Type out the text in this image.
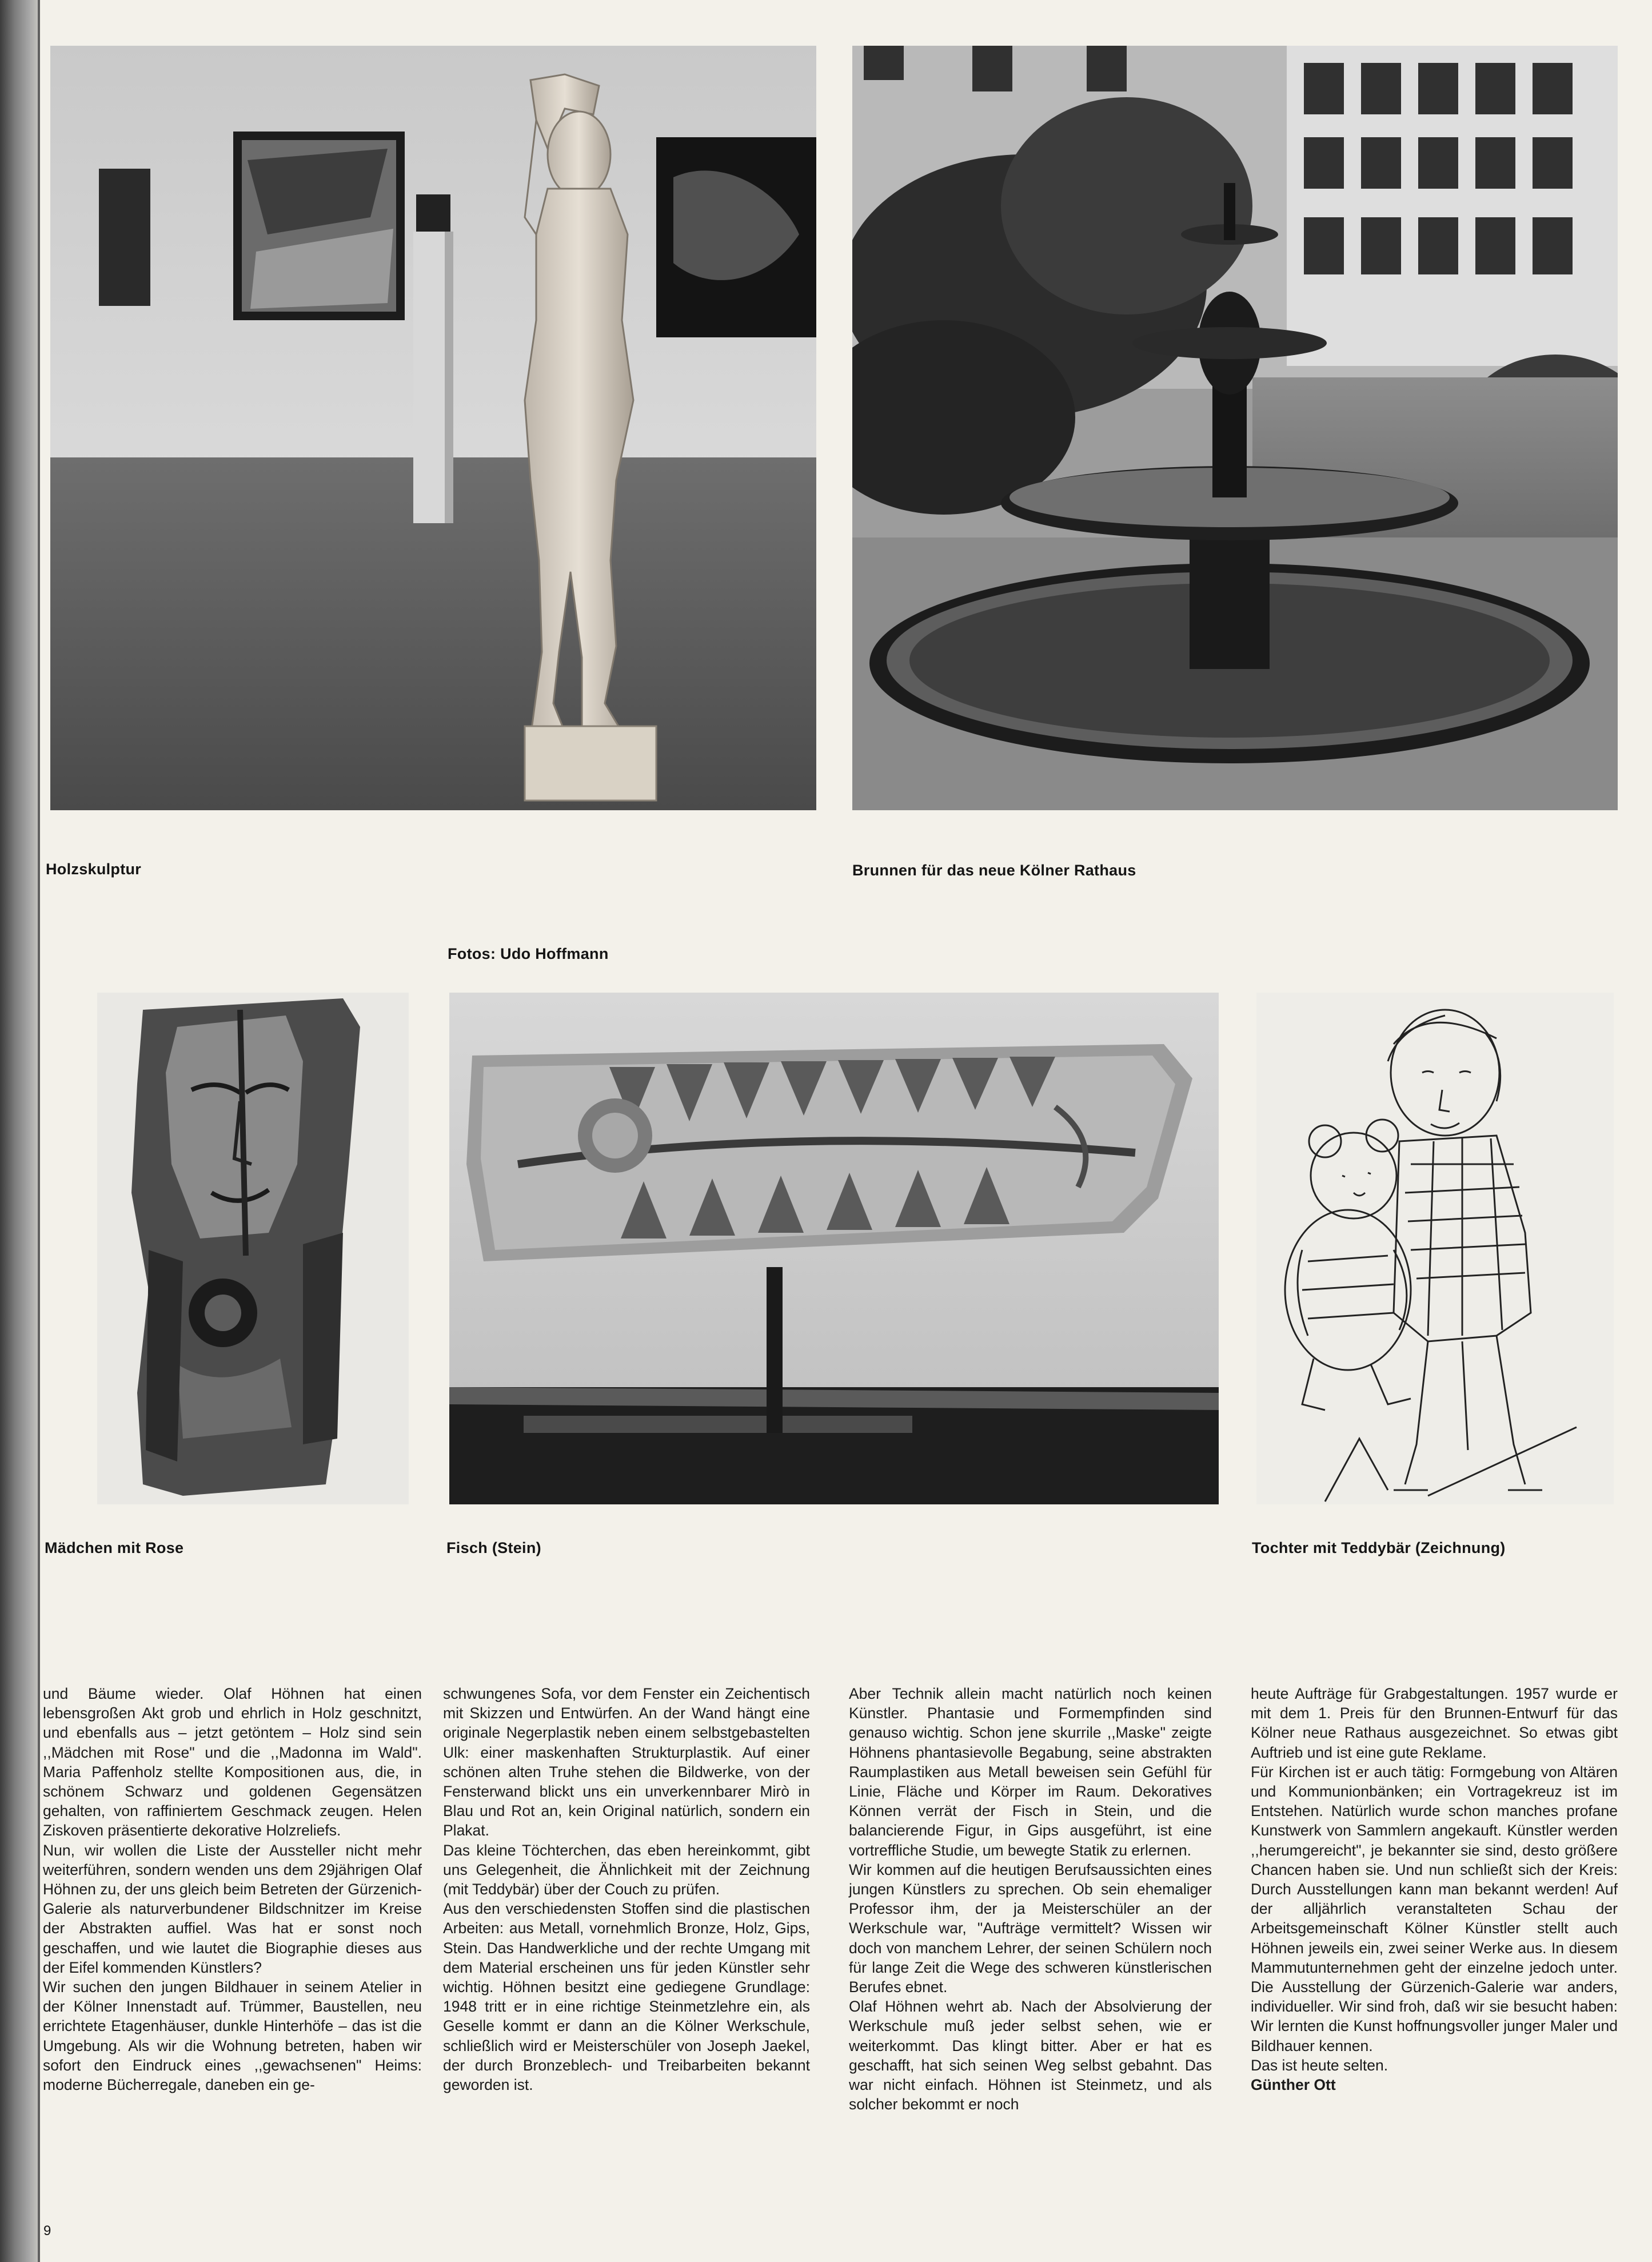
Holzskulptur	Brunnen für das neue Kölner Rathaus
Fotos: Udo Hoffmann
Mädchen mit Rose	Fisch (Stein)	Tochter mit Teddybär (Zeichnung)

und Bäume wieder. Olaf Höhnen hat einen lebensgroßen Akt grob und ehrlich in Holz geschnitzt, und ebenfalls aus – jetzt getöntem – Holz sind sein ,,Mädchen mit Rose" und die ,,Madonna im Wald". Maria Paffenholz stellte Kompositionen aus, die, in schönem Schwarz und goldenen Gegensätzen gehalten, von raffiniertem Geschmack zeugen. Helen Ziskoven präsentierte dekorative Holzreliefs.

Nun, wir wollen die Liste der Aussteller nicht mehr weiterführen, sondern wenden uns dem 29jährigen Olaf Höhnen zu, der uns gleich beim Betreten der Gürzenich-Galerie als naturverbundener Bildschnitzer im Kreise der Abstrakten auffiel. Was hat er sonst noch geschaffen, und wie lautet die Biographie dieses aus der Eifel kommenden Künstlers?

Wir suchen den jungen Bildhauer in seinem Atelier in der Kölner Innenstadt auf. Trümmer, Baustellen, neu errichtete Etagenhäuser, dunkle Hinterhöfe – das ist die Umgebung. Als wir die Wohnung betreten, haben wir sofort den Eindruck eines ,,gewachsenen" Heims: moderne Bücherregale, daneben ein ge-

schwungenes Sofa, vor dem Fenster ein Zeichentisch mit Skizzen und Entwürfen. An der Wand hängt eine originale Negerplastik neben einem selbstgebastelten Ulk: einer maskenhaften Strukturplastik. Auf einer schönen alten Truhe stehen die Bildwerke, von der Fensterwand blickt uns ein unverkennbarer Mirò in Blau und Rot an, kein Original natürlich, sondern ein Plakat.

Das kleine Töchterchen, das eben hereinkommt, gibt uns Gelegenheit, die Ähnlichkeit mit der Zeichnung (mit Teddybär) über der Couch zu prüfen.

Aus den verschiedensten Stoffen sind die plastischen Arbeiten: aus Metall, vornehmlich Bronze, Holz, Gips, Stein. Das Handwerkliche und der rechte Umgang mit dem Material erscheinen uns für jeden Künstler sehr wichtig. Höhnen besitzt eine gediegene Grundlage: 1948 tritt er in eine richtige Steinmetzlehre ein, als Geselle kommt er dann an die Kölner Werkschule, schließlich wird er Meisterschüler von Joseph Jaekel, der durch Bronzeblech- und Treibarbeiten bekannt geworden ist.

Aber Technik allein macht natürlich noch keinen Künstler. Phantasie und Formempfinden sind genauso wichtig. Schon jene skurrile ,,Maske" zeigte Höhnens phantasievolle Begabung, seine abstrakten Raumplastiken aus Metall beweisen sein Gefühl für Linie, Fläche und Körper im Raum. Dekoratives Können verrät der Fisch in Stein, und die balancierende Figur, in Gips ausgeführt, ist eine vortreffliche Studie, um bewegte Statik zu erlernen.

Wir kommen auf die heutigen Berufsaussichten eines jungen Künstlers zu sprechen. Ob sein ehemaliger Professor ihm, der ja Meisterschüler an der Werkschule war, "Aufträge vermittelt? Wissen wir doch von manchem Lehrer, der seinen Schülern noch für lange Zeit die Wege des schweren künstlerischen Berufes ebnet.

Olaf Höhnen wehrt ab. Nach der Absolvierung der Werkschule muß jeder selbst sehen, wie er weiterkommt. Das klingt bitter. Aber er hat es geschafft, hat sich seinen Weg selbst gebahnt. Das war nicht einfach. Höhnen ist Steinmetz, und als solcher bekommt er noch

heute Aufträge für Grabgestaltungen. 1957 wurde er mit dem 1. Preis für den Brunnen-Entwurf für das Kölner neue Rathaus ausgezeichnet. So etwas gibt Auftrieb und ist eine gute Reklame.

Für Kirchen ist er auch tätig: Formgebung von Altären und Kommunionbänken; ein Vortragekreuz ist im Entstehen. Natürlich wurde schon manches profane Kunstwerk von Sammlern angekauft. Künstler werden ,,herumgereicht", je bekannter sie sind, desto größere Chancen haben sie. Und nun schließt sich der Kreis: Durch Ausstellungen kann man bekannt werden! Auf der alljährlich veranstalteten Schau der Arbeitsgemeinschaft Kölner Künstler stellt auch Höhnen jeweils ein, zwei seiner Werke aus. In diesem Mammutunternehmen geht der einzelne jedoch unter. Die Ausstellung der Gürzenich-Galerie war anders, individueller. Wir sind froh, daß wir sie besucht haben: Wir lernten die Kunst hoffnungsvoller junger Maler und Bildhauer kennen.

Das ist heute selten.

Günther Ott

9
